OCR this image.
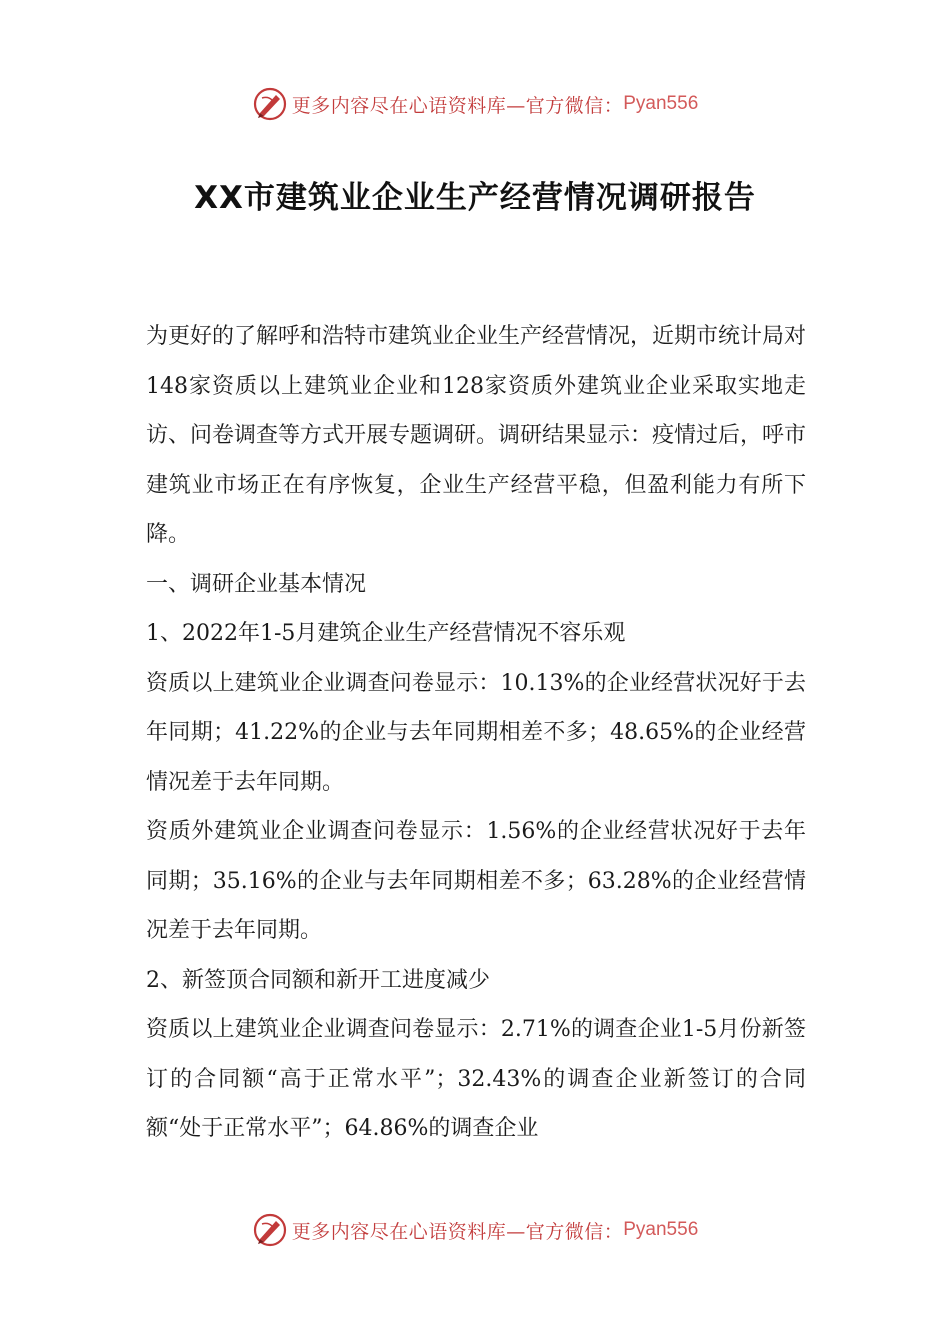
更多内容尽在心语资料库—官方微信： Pyan556
XX市建筑业企业生产经营情况调研报告

为更好的了解呼和浩特市建筑业企业生产经营情况，近期市统计局对148家资质以上建筑业企业和128家资质外建筑业企业采取实地走访、问卷调查等方式开展专题调研。调研结果显示：疫情过后，呼市建筑业市场正在有序恢复，企业生产经营平稳，但盈利能力有所下降。

一、调研企业基本情况

1、2022年1-5月建筑企业生产经营情况不容乐观

资质以上建筑业企业调查问卷显示：10.13%的企业经营状况好于去年同期；41.22%的企业与去年同期相差不多；48.65%的企业经营情况差于去年同期。

资质外建筑业企业调查问卷显示：1.56%的企业经营状况好于去年同期；35.16%的企业与去年同期相差不多；63.28%的企业经营情况差于去年同期。

2、新签顶合同额和新开工进度减少

资质以上建筑业企业调查问卷显示：2.71%的调查企业1-5月份新签订的合同额“高于正常水平”；32.43%的调查企业新签订的合同额“处于正常水平”；64.86%的调查企业

更多内容尽在心语资料库—官方微信： Pyan556
